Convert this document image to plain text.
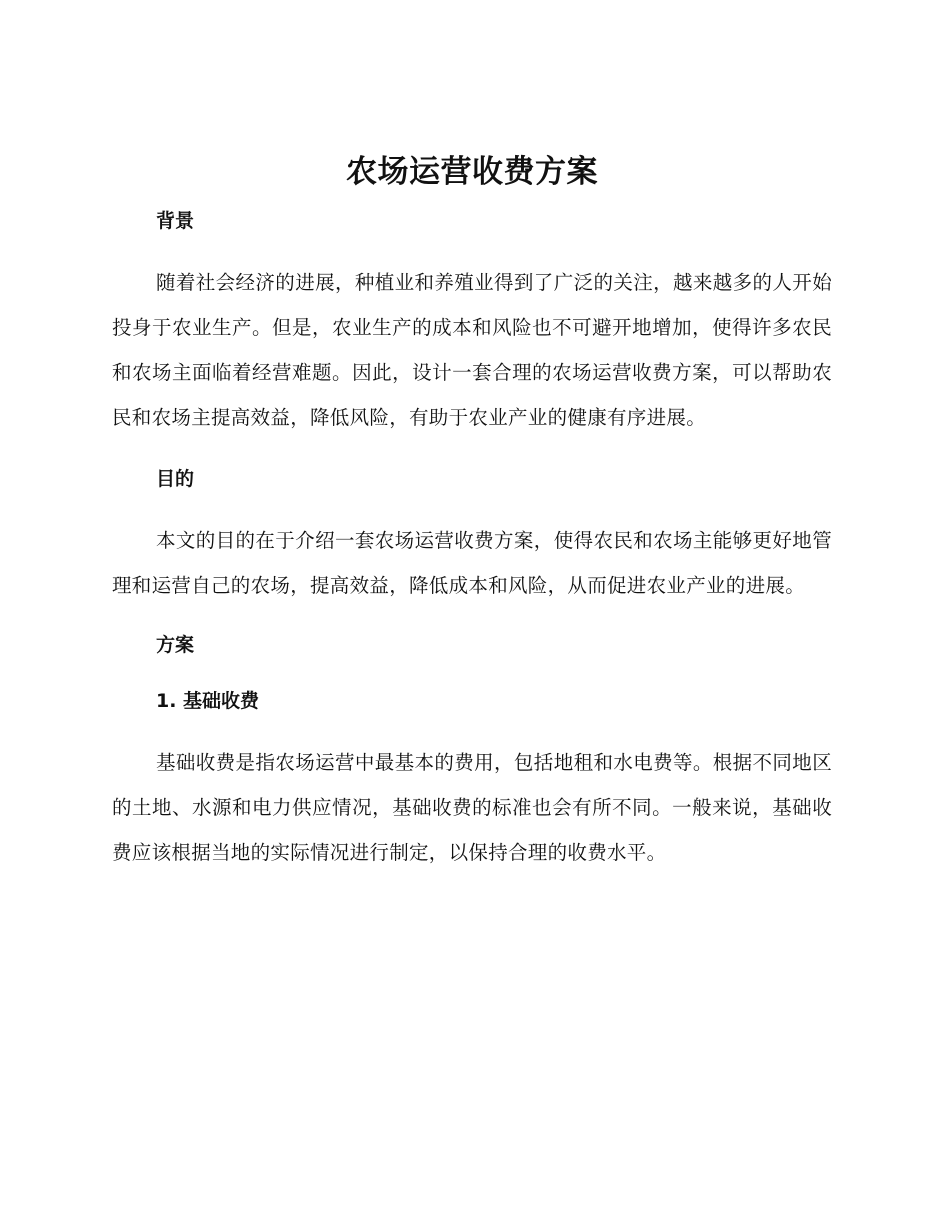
农场运营收费方案
背景

随着社会经济的进展，种植业和养殖业得到了广泛的关注，越来越多的人开始投身于农业生产。但是，农业生产的成本和风险也不可避开地增加，使得许多农民和农场主面临着经营难题。因此，设计一套合理的农场运营收费方案，可以帮助农民和农场主提高效益，降低风险，有助于农业产业的健康有序进展。

目的

本文的目的在于介绍一套农场运营收费方案，使得农民和农场主能够更好地管理和运营自己的农场，提高效益，降低成本和风险，从而促进农业产业的进展。

方案
1. 基础收费

基础收费是指农场运营中最基本的费用，包括地租和水电费等。根据不同地区的土地、水源和电力供应情况，基础收费的标准也会有所不同。一般来说，基础收费应该根据当地的实际情况进行制定，以保持合理的收费水平。
